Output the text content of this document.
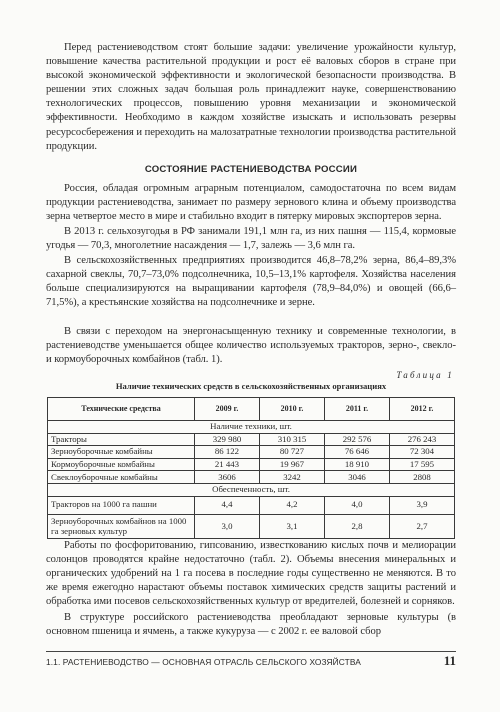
Перед растениеводством стоят большие задачи: увеличение урожайности культур, повышение качества растительной продукции и рост её валовых сборов в стране при высокой экономической эффективности и экологической безопасности производства. В решении этих сложных задач большая роль принадлежит науке, совершенствованию технологических процессов, повышению уровня механизации и экономической эффективности. Необходимо в каждом хозяйстве изыскать и использовать резервы ресурсосбережения и переходить на малозатратные технологии производства растительной продукции.

СОСТОЯНИЕ РАСТЕНИЕВОДСТВА РОССИИ

Россия, обладая огромным аграрным потенциалом, самодостаточна по всем видам продукции растениеводства, занимает по размеру зернового клина и объему производства зерна четвертое место в мире и стабильно входит в пятерку мировых экспортеров зерна.

В 2013 г. сельхозугодья в РФ занимали 191,1 млн га, из них пашня — 115,4, кормовые угодья — 70,3, многолетние насаждения — 1,7, залежь — 3,6 млн га.

В сельскохозяйственных предприятиях производится 46,8–78,2% зерна, 86,4–89,3% сахарной свеклы, 70,7–73,0% подсолнечника, 10,5–13,1% картофеля. Хозяйства населения больше специализируются на выращивании картофеля (78,9–84,0%) и овощей (66,6–71,5%), а крестьянские хозяйства на подсолнечнике и зерне.

В связи с переходом на энергонасыщенную технику и современные технологии, в растениеводстве уменьшается общее количество используемых тракторов, зерно-, свекло- и кормоуборочных комбайнов (табл. 1).

Таблица 1
Наличие технических средств в сельскохозяйственных организациях
Технические средства	2009 г.	2010 г.	2011 г.	2012 г.
Наличие техники, шт.				
Тракторы	329 980	310 315	292 576	276 243
Зерноуборочные комбайны	86 122	80 727	76 646	72 304
Кормоуборочные комбайны	21 443	19 967	18 910	17 595
Свеклоуборочные комбайны	3606	3242	3046	2808
Обеспеченность, шт.				
Тракторов на 1000 га пашни	4,4	4,2	4,0	3,9
Зерноуборочных комбайнов на 1000 га зерновых культур	3,0	3,1	2,8	2,7

Работы по фосфоритованию, гипсованию, известкованию кислых почв и мелиорации солонцов проводятся крайне недостаточно (табл. 2). Объемы внесения минеральных и органических удобрений на 1 га посева в последние годы существенно не меняются. В то же время ежегодно нарастают объемы поставок химических средств защиты растений и обработка ими посевов сельскохозяйственных культур от вредителей, болезней и сорняков.

В структуре российского растениеводства преобладают зерновые культуры (в основном пшеница и ячмень, а также кукуруза — с 2002 г. ее валовой сбор

1.1. РАСТЕНИЕВОДСТВО — ОСНОВНАЯ ОТРАСЛЬ СЕЛЬСКОГО ХОЗЯЙСТВА	11
